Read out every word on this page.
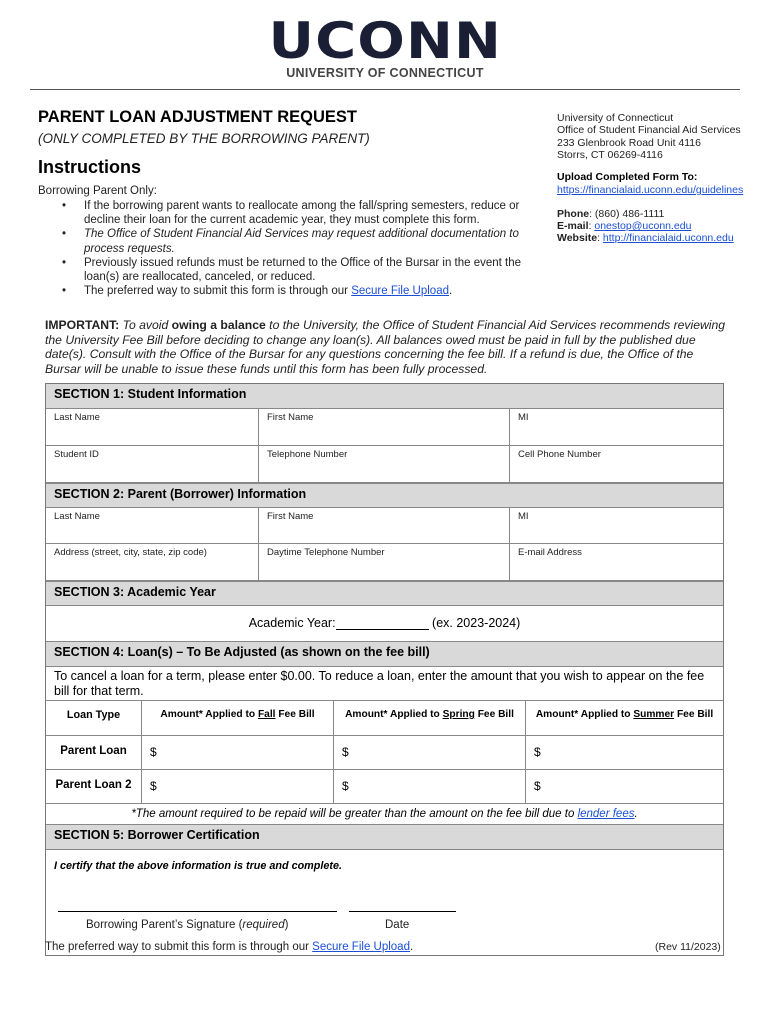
UCONN
UNIVERSITY OF CONNECTICUT
PARENT LOAN ADJUSTMENT REQUEST
(ONLY COMPLETED BY THE BORROWING PARENT)
Instructions
Borrowing Parent Only:
•	If the borrowing parent wants to reallocate among the fall/spring semesters, reduce or decline their loan for the current academic year, they must complete this form.
•	The Office of Student Financial Aid Services may request additional documentation to process requests.
•	Previously issued refunds must be returned to the Office of the Bursar in the event the loan(s) are reallocated, canceled, or reduced.
•	The preferred way to submit this form is through our Secure File Upload.
University of Connecticut
Office of Student Financial Aid Services
233 Glenbrook Road Unit 4116
Storrs, CT 06269-4116
Upload Completed Form To:
https://financialaid.uconn.edu/guidelines
Phone: (860) 486-1111
E-mail: onestop@uconn.edu
Website: http://financialaid.uconn.edu
IMPORTANT: To avoid owing a balance to the University, the Office of Student Financial Aid Services recommends reviewing the University Fee Bill before deciding to change any loan(s). All balances owed must be paid in full by the published due date(s). Consult with the Office of the Bursar for any questions concerning the fee bill. If a refund is due, the Office of the Bursar will be unable to issue these funds until this form has been fully processed.
SECTION 1: Student Information
Last Name	First Name	MI
Student ID	Telephone Number	Cell Phone Number
SECTION 2: Parent (Borrower) Information
Last Name	First Name	MI
Address (street, city, state, zip code)	Daytime Telephone Number	E-mail Address
SECTION 3: Academic Year
Academic Year:	(ex. 2023-2024)
SECTION 4: Loan(s) – To Be Adjusted (as shown on the fee bill)
To cancel a loan for a term, please enter $0.00. To reduce a loan, enter the amount that you wish to appear on the fee bill for that term.
Loan Type	Amount* Applied to Fall Fee Bill	Amount* Applied to Spring Fee Bill	Amount* Applied to Summer Fee Bill
Parent Loan	$	$	$
Parent Loan 2	$	$	$
*The amount required to be repaid will be greater than the amount on the fee bill due to lender fees.
SECTION 5: Borrower Certification
I certify that the above information is true and complete.
Borrowing Parent’s Signature (required)	Date
The preferred way to submit this form is through our Secure File Upload.	(Rev 11/2023)
